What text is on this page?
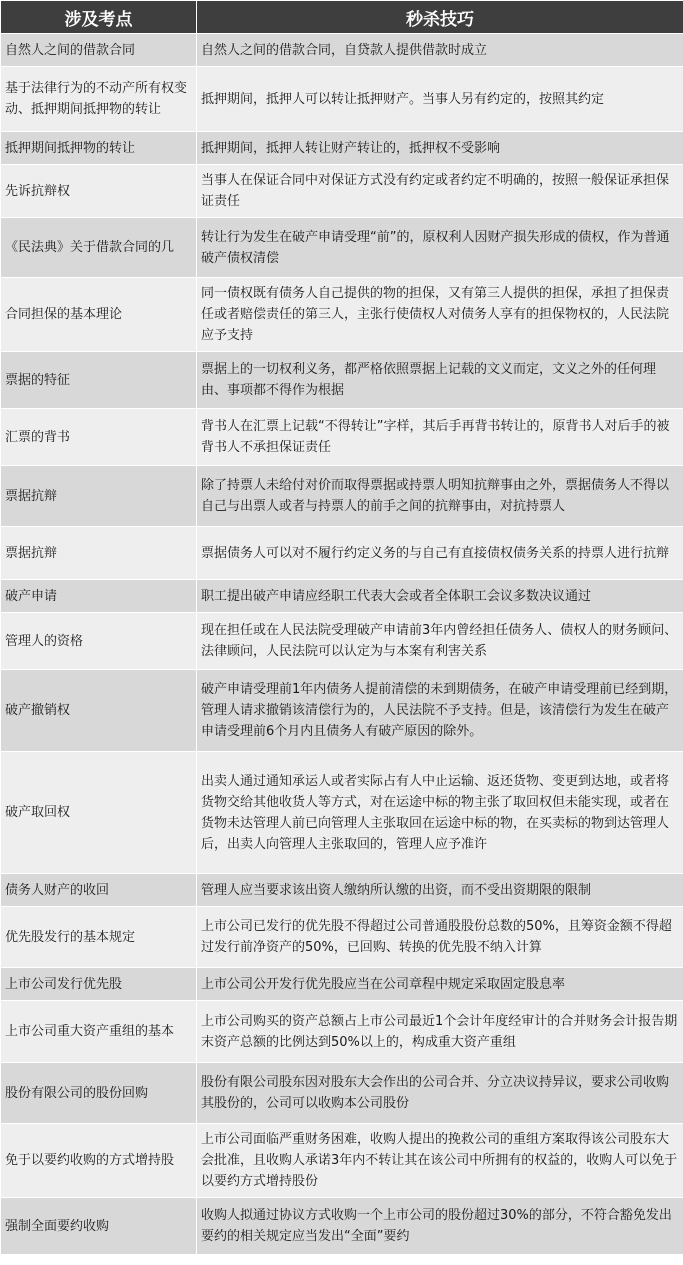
涉及考点	秒杀技巧
自然人之间的借款合同	自然人之间的借款合同，自贷款人提供借款时成立
基于法律行为的不动产所有权变动、抵押期间抵押物的转让	抵押期间，抵押人可以转让抵押财产。当事人另有约定的，按照其约定
抵押期间抵押物的转让	抵押期间，抵押人转让财产转让的，抵押权不受影响
先诉抗辩权	当事人在保证合同中对保证方式没有约定或者约定不明确的，按照一般保证承担保证责任
《民法典》关于借款合同的几	转让行为发生在破产申请受理“前”的，原权利人因财产损失形成的债权，作为普通破产债权清偿
合同担保的基本理论	同一债权既有债务人自己提供的物的担保，又有第三人提供的担保，承担了担保责任或者赔偿责任的第三人，主张行使债权人对债务人享有的担保物权的，人民法院应予支持
票据的特征	票据上的一切权利义务，都严格依照票据上记载的文义而定，文义之外的任何理由、事项都不得作为根据
汇票的背书	背书人在汇票上记载“不得转让”字样，其后手再背书转让的，原背书人对后手的被背书人不承担保证责任
票据抗辩	除了持票人未给付对价而取得票据或持票人明知抗辩事由之外，票据债务人不得以自己与出票人或者与持票人的前手之间的抗辩事由，对抗持票人
票据抗辩	票据债务人可以对不履行约定义务的与自己有直接债权债务关系的持票人进行抗辩
破产申请	职工提出破产申请应经职工代表大会或者全体职工会议多数决议通过
管理人的资格	现在担任或在人民法院受理破产申请前3年内曾经担任债务人、债权人的财务顾问、法律顾问，人民法院可以认定为与本案有利害关系
破产撤销权	破产申请受理前1年内债务人提前清偿的未到期债务，在破产申请受理前已经到期，管理人请求撤销该清偿行为的，人民法院不予支持。但是，该清偿行为发生在破产申请受理前6个月内且债务人有破产原因的除外。
破产取回权	出卖人通过通知承运人或者实际占有人中止运输、返还货物、变更到达地，或者将货物交给其他收货人等方式，对在运途中标的物主张了取回权但未能实现，或者在货物未达管理人前已向管理人主张取回在运途中标的物，在买卖标的物到达管理人后，出卖人向管理人主张取回的，管理人应予准许
债务人财产的收回	管理人应当要求该出资人缴纳所认缴的出资，而不受出资期限的限制
优先股发行的基本规定	上市公司已发行的优先股不得超过公司普通股股份总数的50%，且筹资金额不得超过发行前净资产的50%，已回购、转换的优先股不纳入计算
上市公司发行优先股	上市公司公开发行优先股应当在公司章程中规定采取固定股息率
上市公司重大资产重组的基本	上市公司购买的资产总额占上市公司最近1个会计年度经审计的合并财务会计报告期末资产总额的比例达到50%以上的，构成重大资产重组
股份有限公司的股份回购	股份有限公司股东因对股东大会作出的公司合并、分立决议持异议，要求公司收购其股份的，公司可以收购本公司股份
免于以要约收购的方式增持股	上市公司面临严重财务困难，收购人提出的挽救公司的重组方案取得该公司股东大会批准，且收购人承诺3年内不转让其在该公司中所拥有的权益的，收购人可以免于以要约方式增持股份
强制全面要约收购	收购人拟通过协议方式收购一个上市公司的股份超过30%的部分，不符合豁免发出要约的相关规定应当发出“全面”要约
